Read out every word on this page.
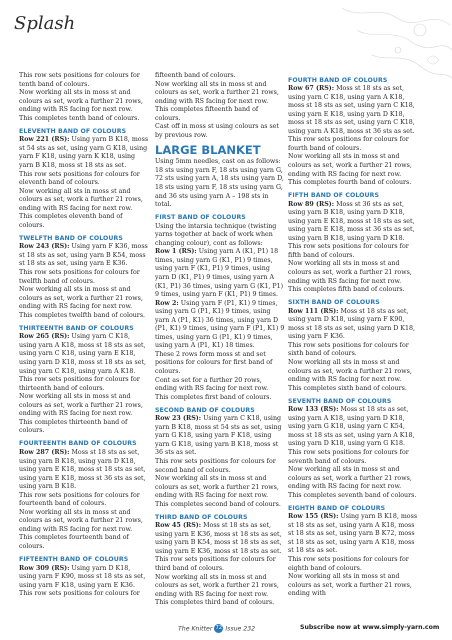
Splash

This row sets positions for colours for tenth band of colours.

Now working all sts in moss st and colours as set, work a further 21 rows, ending with RS facing for next row.

This completes tenth band of colours.

ELEVENTH BAND OF COLOURS

Row 221 (RS): Using yarn B K18, moss st 54 sts as set, using yarn G K18, using yarn F K18, using yarn K K18, using yarn B K18, moss st 18 sts as set.

This row sets positions for colours for eleventh band of colours.

Now working all sts in moss st and colours as set, work a further 21 rows, ending with RS facing for next row.

This completes eleventh band of colours.

TWELFTH BAND OF COLOURS

Row 243 (RS): Using yarn F K36, moss st 18 sts as set, using yarn B K54, moss st 18 sts as set, using yarn E K36.

This row sets positions for colours for twelfth band of colours.

Now working all sts in moss st and colours as set, work a further 21 rows, ending with RS facing for next row.

This completes twelfth band of colours.

THIRTEENTH BAND OF COLOURS

Row 265 (RS): Using yarn C K18, using yarn A K18, moss st 18 sts as set, using yarn C K18, using yarn E K18, using yarn D K18, moss st 18 sts as set, using yarn C K18, using yarn A K18.

This row sets positions for colours for thirteenth band of colours.

Now working all sts in moss st and colours as set, work a further 21 rows, ending with RS facing for next row.

This completes thirteenth band of colours.

FOURTEENTH BAND OF COLOURS

Row 287 (RS): Moss st 18 sts as set, using yarn B K18, using yarn D K18, using yarn E K18, moss st 18 sts as set, using yarn E K18, moss st 36 sts as set, using yarn B K18.

This row sets positions for colours for fourteenth band of colours.

Now working all sts in moss st and colours as set, work a further 21 rows, ending with RS facing for next row.

This completes fourteenth band of colours.

FIFTEENTH BAND OF COLOURS

Row 309 (RS): Using yarn D K18, using yarn F K90, moss st 18 sts as set, using yarn F K18, using yarn E K36.

This row sets positions for colours for

fifteenth band of colours.

Now working all sts in moss st and colours as set, work a further 21 rows, ending with RS facing for next row.

This completes fifteenth band of colours.

Cast off in moss st using colours as set by previous row.

LARGE BLANKET

Using 5mm needles, cast on as follows: 18 sts using yarn F, 18 sts using yarn G, 72 sts using yarn A, 18 sts using yarn D, 18 sts using yarn F, 18 sts using yarn G, and 36 sts using yarn A – 198 sts in total.

FIRST BAND OF COLOURS

Using the intarsia technique (twisting yarns together at back of work when changing colour), cont as follows:

Row 1 (RS): Using yarn A (K1, P1) 18 times, using yarn G (K1, P1) 9 times, using yarn F (K1, P1) 9 times, using yarn D (K1, P1) 9 times, using yarn A (K1, P1) 36 times, using yarn G (K1, P1) 9 times, using yarn F (K1, P1) 9 times.

Row 2: Using yarn F (P1, K1) 9 times, using yarn G (P1, K1) 9 times, using yarn A (P1, K1) 36 times, using yarn D (P1, K1) 9 times, using yarn F (P1, K1) 9 times, using yarn G (P1, K1) 9 times, using yarn A (P1, K1) 18 times.

These 2 rows form moss st and set positions for colours for first band of colours.

Cont as set for a further 20 rows, ending with RS facing for next row.

This completes first band of colours.

SECOND BAND OF COLOURS

Row 23 (RS): Using yarn C K18, using yarn B K18, moss st 54 sts as set, using yarn G K18, using yarn F K18, using yarn G K18, using yarn B K18, moss st 36 sts as set.

This row sets positions for colours for second band of colours.

Now working all sts in moss st and colours as set, work a further 21 rows, ending with RS facing for next row.

This completes second band of colours.

THIRD BAND OF COLOURS

Row 45 (RS): Moss st 18 sts as set, using yarn E K36, moss st 18 sts as set, using yarn B K54, moss st 18 sts as set, using yarn E K36, moss st 18 sts as set.

This row sets positions for colours for third band of colours.

Now working all sts in moss st and colours as set, work a further 21 rows, ending with RS facing for next row.

This completes third band of colours.

FOURTH BAND OF COLOURS

Row 67 (RS): Moss st 18 sts as set, using yarn C K18, using yarn A K18, moss st 18 sts as set, using yarn C K18, using yarn E K18, using yarn D K18, moss st 18 sts as set, using yarn C K18, using yarn A K18, moss st 36 sts as set.

This row sets positions for colours for fourth band of colours.

Now working all sts in moss st and colours as set, work a further 21 rows, ending with RS facing for next row.

This completes fourth band of colours.

FIFTH BAND OF COLOURS

Row 89 (RS): Moss st 36 sts as set, using yarn B K18, using yarn D K18, using yarn E K18, moss st 18 sts as set, using yarn E K18, moss st 36 sts as set, using yarn B K18, using yarn D K18.

This row sets positions for colours for fifth band of colours.

Now working all sts in moss st and colours as set, work a further 21 rows, ending with RS facing for next row.

This completes fifth band of colours.

SIXTH BAND OF COLOURS

Row 111 (RS): Moss st 18 sts as set, using yarn D K18, using yarn F K90, moss st 18 sts as set, using yarn D K18, using yarn F K36.

This row sets positions for colours for sixth band of colours.

Now working all sts in moss st and colours as set, work a further 21 rows, ending with RS facing for next row.

This completes sixth band of colours.

SEVENTH BAND OF COLOURS

Row 133 (RS): Moss st 18 sts as set, using yarn A K18, using yarn D K18, using yarn G K18, using yarn C K54, moss st 18 sts as set, using yarn A K18, using yarn D K18, using yarn G K18.

This row sets positions for colours for seventh band of colours.

Now working all sts in moss st and colours as set, work a further 21 rows, ending with RS facing for next row.

This completes seventh band of colours.

EIGHTH BAND OF COLOURS

Row 155 (RS): Using yarn B K18, moss st 18 sts as set, using yarn A K18, moss st 18 sts as set, using yarn B K72, moss st 18 sts as set, using yarn A K18, moss st 18 sts as set.

This row sets positions for colours for eighth band of colours.

Now working all sts in moss st and colours as set, work a further 21 rows, ending with

The Knitter 72 Issue 232	Subscribe now at www.simply-yarn.com
